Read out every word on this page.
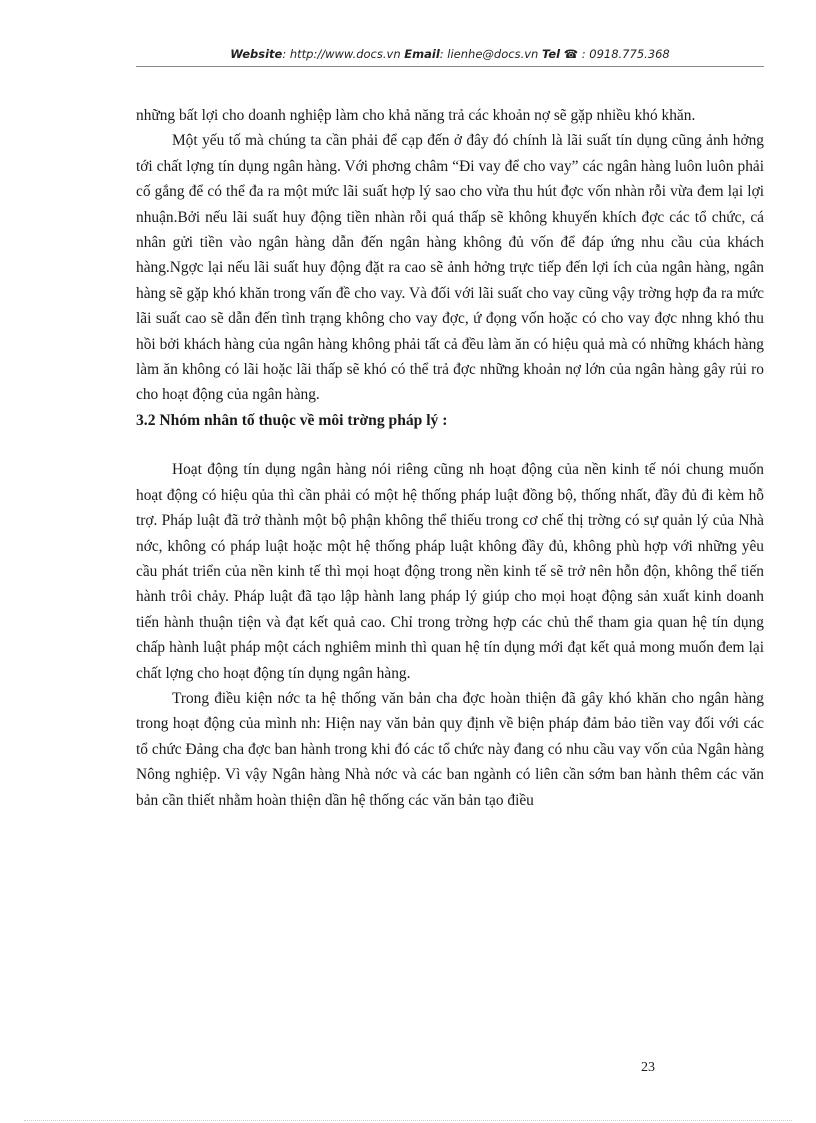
Website: http://www.docs.vn Email: lienhe@docs.vn Tel ☎ : 0918.775.368

những bất lợi cho doanh nghiệp làm cho khả năng trả các khoản nợ sẽ gặp nhiều khó khăn.

Một yếu tố mà chúng ta cần phải để cạp đến ở đây đó chính là lãi suất tín dụng cũng ảnh hởng tới chất lợng tín dụng ngân hàng. Với phơng châm “Đi vay để cho vay” các ngân hàng luôn luôn phải cố gắng để có thể đa ra một mức lãi suất hợp lý sao cho vừa thu hút đợc vốn nhàn rỗi vừa đem lại lợi nhuận.Bởi nếu lãi suất huy động tiền nhàn rỗi quá thấp sẽ không khuyến khích đợc các tổ chức, cá nhân gửi tiền vào ngân hàng dẫn đến ngân hàng không đủ vốn để đáp ứng nhu cầu của khách hàng.Ngợc lại nếu lãi suất huy động đặt ra cao sẽ ảnh hởng trực tiếp đến lợi ích của ngân hàng, ngân hàng sẽ gặp khó khăn trong vấn đề cho vay. Và đối với lãi suất cho vay cũng vậy trờng hợp đa ra mức lãi suất cao sẽ dẫn đến tình trạng không cho vay đợc, ứ đọng vốn hoặc có cho vay đợc nhng khó thu hồi bởi khách hàng của ngân hàng không phải tất cả đều làm ăn có hiệu quả mà có những khách hàng làm ăn không có lãi hoặc lãi thấp sẽ khó có thể trả đợc những khoản nợ lớn của ngân hàng gây rủi ro cho hoạt động của ngân hàng.

3.2 Nhóm nhân tố thuộc về môi trờng pháp lý :

Hoạt động tín dụng ngân hàng nói riêng cũng nh hoạt động của nền kinh tế nói chung muốn hoạt động có hiệu qủa thì cần phải có một hệ thống pháp luật đồng bộ, thống nhất, đầy đủ đi kèm hỗ trợ. Pháp luật đã trở thành một bộ phận không thể thiếu trong cơ chế thị trờng có sự quản lý của Nhà nớc, không có pháp luật hoặc một hệ thống pháp luật không đầy đủ, không phù hợp với những yêu cầu phát triển của nền kinh tế thì mọi hoạt động trong nền kinh tế sẽ trở nên hỗn độn, không thể tiến hành trôi chảy. Pháp luật đã tạo lập hành lang pháp lý giúp cho mọi hoạt động sản xuất kinh doanh tiến hành thuận tiện và đạt kết quả cao. Chỉ trong trờng hợp các chủ thể tham gia quan hệ tín dụng chấp hành luật pháp một cách nghiêm minh thì quan hệ tín dụng mới đạt kết quả mong muốn đem lại chất lợng cho hoạt động tín dụng ngân hàng.

Trong điều kiện nớc ta hệ thống văn bản cha đợc hoàn thiện đã gây khó khăn cho ngân hàng trong hoạt động của mình nh: Hiện nay văn bản quy định về biện pháp đảm bảo tiền vay đối với các tổ chức Đảng cha đợc ban hành trong khi đó các tổ chức này đang có nhu cầu vay vốn của Ngân hàng Nông nghiệp. Vì vậy Ngân hàng Nhà nớc và các ban ngành có liên cần sớm ban hành thêm các văn bản cần thiết nhằm hoàn thiện dần hệ thống các văn bản tạo điều

23
